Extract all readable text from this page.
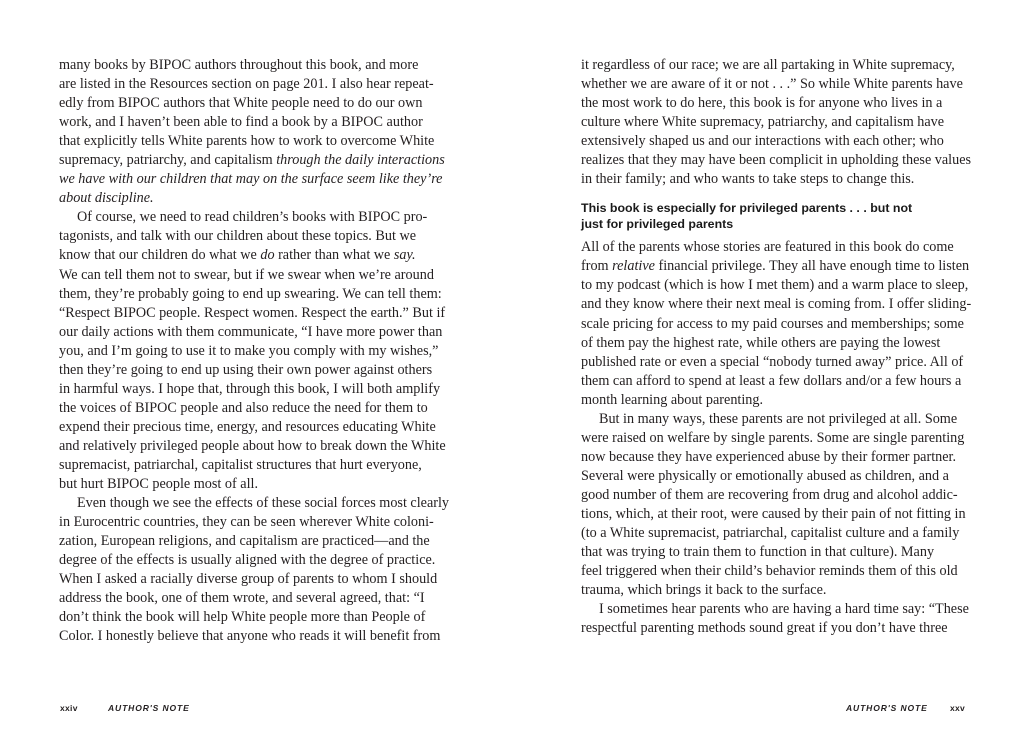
many books by BIPOC authors throughout this book, and more
are listed in the Resources section on page 201. I also hear repeat-
edly from BIPOC authors that White people need to do our own
work, and I haven’t been able to find a book by a BIPOC author
that explicitly tells White parents how to work to overcome White
supremacy, patriarchy, and capitalism through the daily interactions
we have with our children that may on the surface seem like they’re
about discipline.
Of course, we need to read children’s books with BIPOC pro-
tagonists, and talk with our children about these topics. But we
know that our children do what we do rather than what we say.
We can tell them not to swear, but if we swear when we’re around
them, they’re probably going to end up swearing. We can tell them:
“Respect BIPOC people. Respect women. Respect the earth.” But if
our daily actions with them communicate, “I have more power than
you, and I’m going to use it to make you comply with my wishes,”
then they’re going to end up using their own power against others
in harmful ways. I hope that, through this book, I will both amplify
the voices of BIPOC people and also reduce the need for them to
expend their precious time, energy, and resources educating White
and relatively privileged people about how to break down the White
supremacist, patriarchal, capitalist structures that hurt everyone,
but hurt BIPOC people most of all.
Even though we see the effects of these social forces most clearly
in Eurocentric countries, they can be seen wherever White coloni-
zation, European religions, and capitalism are practiced—and the
degree of the effects is usually aligned with the degree of practice.
When I asked a racially diverse group of parents to whom I should
address the book, one of them wrote, and several agreed, that: “I
don’t think the book will help White people more than People of
Color. I honestly believe that anyone who reads it will benefit from
xxiv	AUTHOR'S NOTE
it regardless of our race; we are all partaking in White supremacy,
whether we are aware of it or not . . .” So while White parents have
the most work to do here, this book is for anyone who lives in a
culture where White supremacy, patriarchy, and capitalism have
extensively shaped us and our interactions with each other; who
realizes that they may have been complicit in upholding these values
in their family; and who wants to take steps to change this.
This book is especially for privileged parents . . . but not
just for privileged parents
All of the parents whose stories are featured in this book do come
from relative financial privilege. They all have enough time to listen
to my podcast (which is how I met them) and a warm place to sleep,
and they know where their next meal is coming from. I offer sliding-
scale pricing for access to my paid courses and memberships; some
of them pay the highest rate, while others are paying the lowest
published rate or even a special “nobody turned away” price. All of
them can afford to spend at least a few dollars and/or a few hours a
month learning about parenting.
But in many ways, these parents are not privileged at all. Some
were raised on welfare by single parents. Some are single parenting
now because they have experienced abuse by their former partner.
Several were physically or emotionally abused as children, and a
good number of them are recovering from drug and alcohol addic-
tions, which, at their root, were caused by their pain of not fitting in
(to a White supremacist, patriarchal, capitalist culture and a family
that was trying to train them to function in that culture). Many
feel triggered when their child’s behavior reminds them of this old
trauma, which brings it back to the surface.
I sometimes hear parents who are having a hard time say: “These
respectful parenting methods sound great if you don’t have three
AUTHOR'S NOTE	xxv
